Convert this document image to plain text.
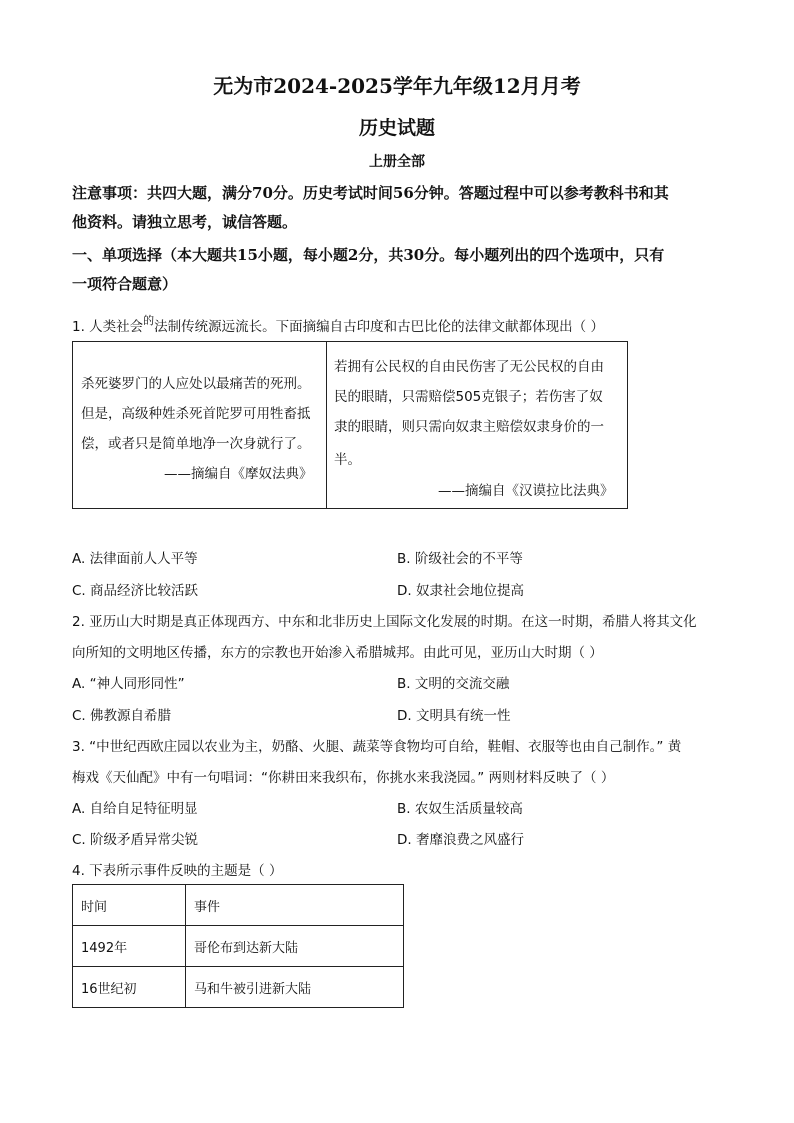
无为市2024-2025学年九年级12月月考
历史试题
上册全部
注意事项：共四大题，满分70分。历史考试时间56分钟。答题过程中可以参考教科书和其
他资料。请独立思考，诚信答题。
一、单项选择（本大题共15小题，每小题2分，共30分。每小题列出的四个选项中，只有
一项符合题意）
1. 人类社会$^的$法制传统源远流长。下面摘编自古印度和古巴比伦的法律文献都体现出（ ）
杀死婆罗门的人应处以最痛苦的死刑。
但是，高级种姓杀死首陀罗可用牲畜抵
偿，或者只是简单地净一次身就行了。
——摘编自《摩奴法典》
若拥有公民权的自由民伤害了无公民权的自由
民的眼睛，只需赔偿505克银子；若伤害了奴
隶的眼睛，则只需向奴隶主赔偿奴隶身价的一
半。
——摘编自《汉谟拉比法典》
A. 法律面前人人平等	B. 阶级社会的不平等
C. 商品经济比较活跃	D. 奴隶社会地位提高
2. 亚历山大时期是真正体现西方、中东和北非历史上国际文化发展的时期。在这一时期，希腊人将其文化
向所知的文明地区传播，东方的宗教也开始渗入希腊城邦。由此可见，亚历山大时期（ ）
A. “神人同形同性”	B. 文明的交流交融
C. 佛教源自希腊	D. 文明具有统一性
3. “中世纪西欧庄园以农业为主，奶酪、火腿、蔬菜等食物均可自给，鞋帽、衣服等也由自己制作。” 黄
梅戏《天仙配》中有一句唱词：“你耕田来我织布，你挑水来我浇园。” 两则材料反映了（ ）
A. 自给自足特征明显	B. 农奴生活质量较高
C. 阶级矛盾异常尖锐	D. 奢靡浪费之风盛行
4. 下表所示事件反映的主题是（ ）
时间	事件
1492年	哥伦布到达新大陆
16世纪初	马和牛被引进新大陆
